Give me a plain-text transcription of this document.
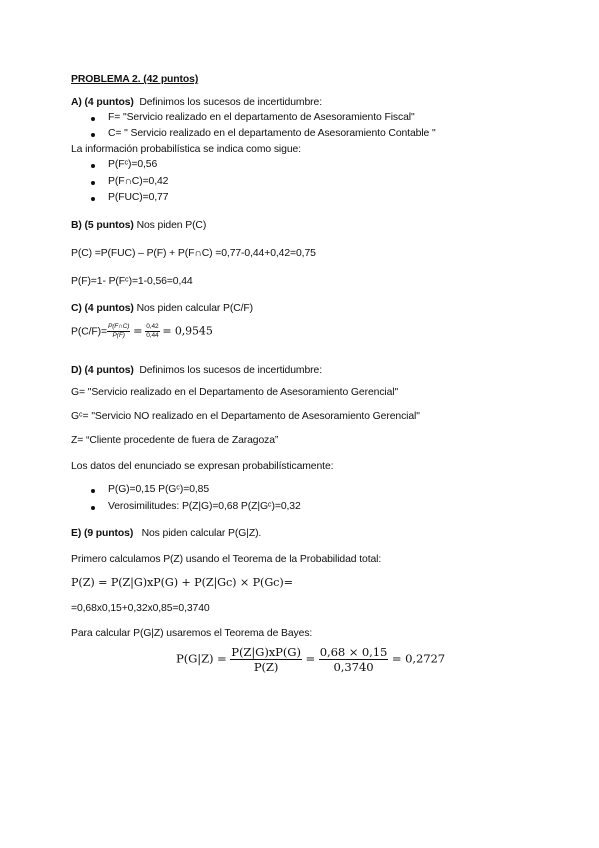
PROBLEMA 2. (42 puntos)
A) (4 puntos) Definimos los sucesos de incertidumbre:
F= "Servicio realizado en el departamento de Asesoramiento Fiscal"
C= " Servicio realizado en el departamento de Asesoramiento Contable "
La información probabilística se indica como sigue:
P(Fᶜ)=0,56
P(F∩C)=0,42
P(FUC)=0,77
B) (5 puntos) Nos piden P(C)
P(C) =P(FUC) – P(F) + P(F∩C) =0,77-0,44+0,42=0,75
P(F)=1- P(Fᶜ)=1-0,56=0,44
C) (4 puntos) Nos piden calcular P(C/F)
$P(C/F)= \frac{P(F\cap C)}{P(F)} = \frac{0,42}{0,44} = 0,9545$
D) (4 puntos) Definimos los sucesos de incertidumbre:
G= "Servicio realizado en el Departamento de Asesoramiento Gerencial"
Gᶜ= "Servicio NO realizado en el Departamento de Asesoramiento Gerencial"
Z= “Cliente procedente de fuera de Zaragoza”
Los datos del enunciado se expresan probabilísticamente:
P(G)=0,15 P(Gᶜ)=0,85
Verosimilitudes: P(Z|G)=0,68 P(Z|Gᶜ)=0,32
E) (9 puntos) Nos piden calcular P(G|Z).
Primero calculamos P(Z) usando el Teorema de la Probabilidad total:
P(Z) = P(Z|G)xP(G) + P(Z|Gc) × P(Gc)=
=0,68x0,15+0,32x0,85=0,3740
Para calcular P(G|Z) usaremos el Teorema de Bayes:
$P(G|Z) = \frac{P(Z|G)xP(G)}{P(Z)} = \frac{0,68 \times 0,15}{0,3740} = 0,2727$
